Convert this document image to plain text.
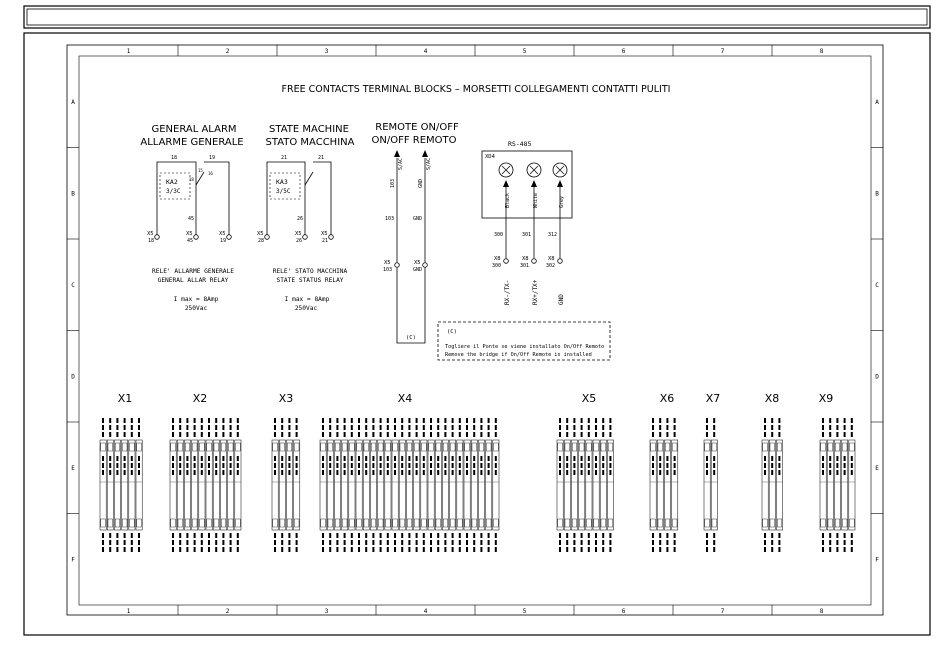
1
1
2
2
3
3
4
4
5
5
6
6
7
7
8
8
A	A
B	B
C	C
D	D
E	E
F	F
FREE CONTACTS TERMINAL BLOCKS – MORSETTI COLLEGAMENTI CONTATTI PULITI
GENERAL ALARM
ALLARME GENERALE
KA2
3/3C
18	19
45
16
15
18
X5
18
X5
45
X5
19
RELE' ALLARME GENERALE
GENERAL ALLAR RELAY
I max = 8Amp
250Vac
STATE MACHINE
STATO MACCHINA
KA3
3/5C
21	21
26
X5
28
X5
26
X5
21
RELE' STATO MACCHINA
STATE STATUS RELAY
I max = 8Amp
250Vac
REMOTE ON/OFF
ON/OFF REMOTO
S/AC	S/AC
103	GND
103	GND
X5
103
X5
GND
(C)
RS-485
XD4
Black
300
X8
300
RX-/TX-
White
301
X8
301
RX+/TX+
Grey
312
X8
302
GND
(C)
Togliere il Ponte se viene installato On/Off Remoto
Remove the bridge if On/Off Remote is installed
X1	X2	X3	X4	X5	X6	X7	X8	X9
